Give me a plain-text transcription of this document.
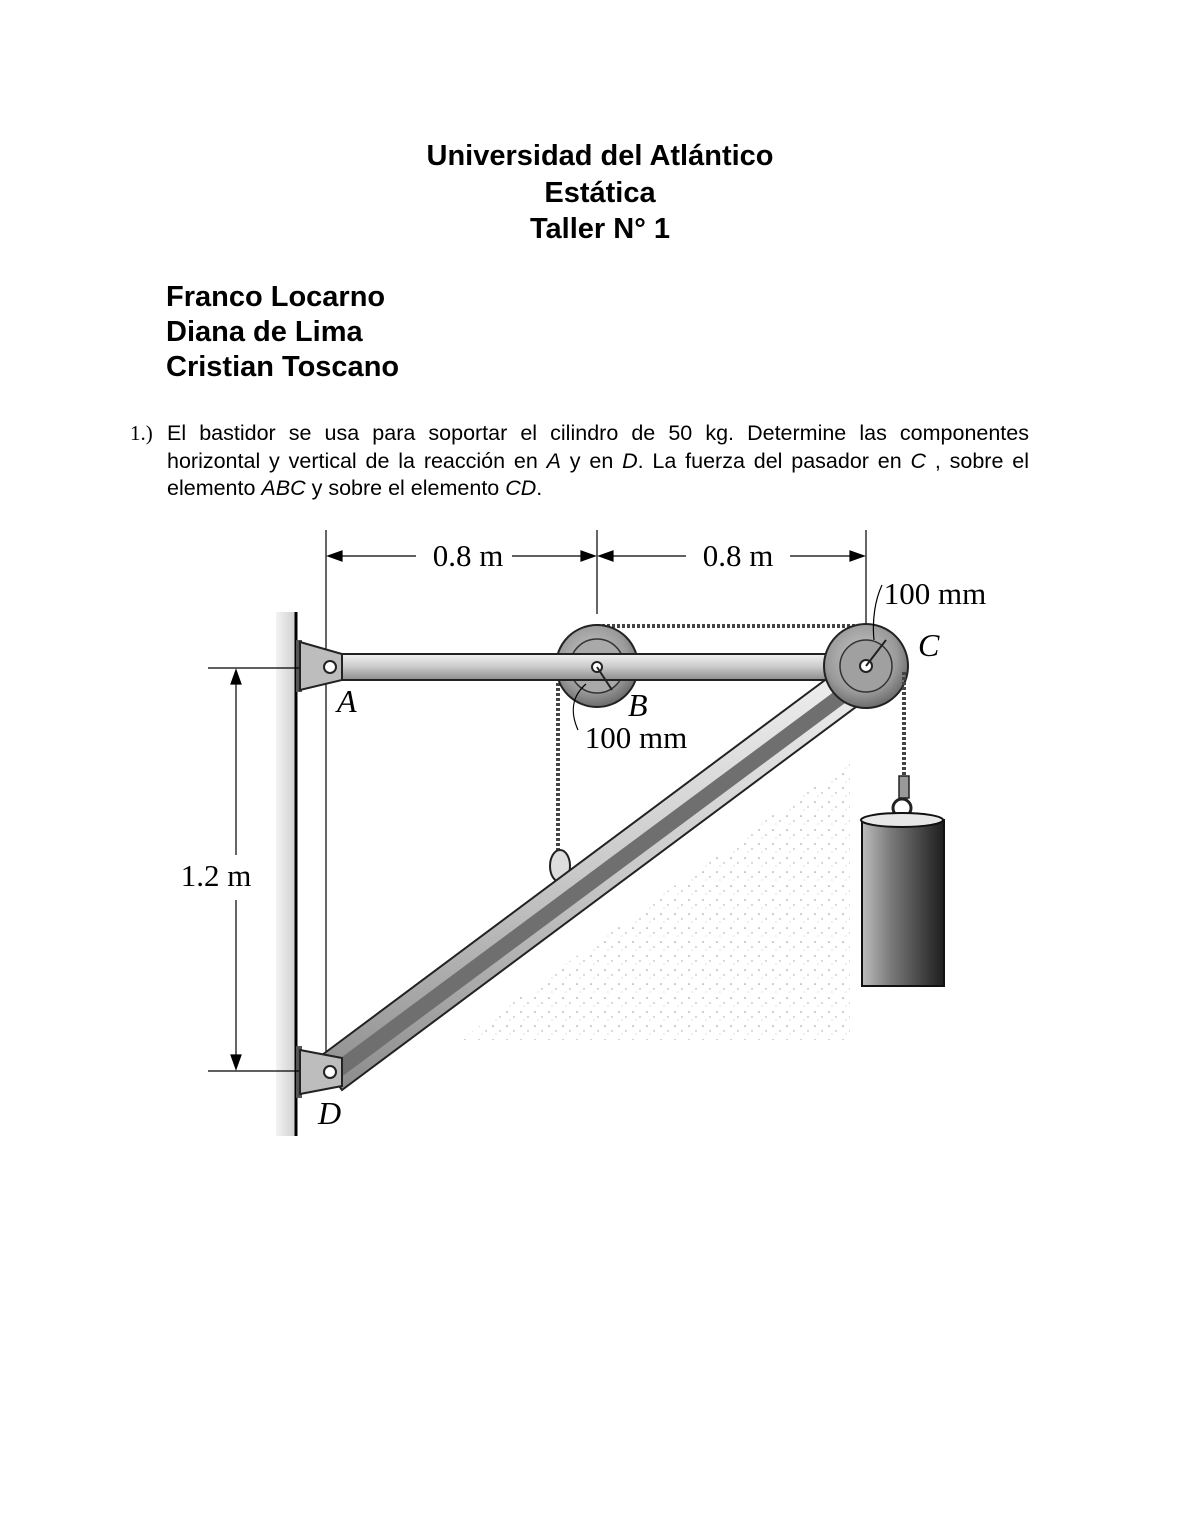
Universidad del Atlántico
Estática
Taller N° 1
Franco Locarno
Diana de Lima
Cristian Toscano
1.) El bastidor se usa para soportar el cilindro de 50 kg. Determine las componentes horizontal y vertical de la reacción en A y en D. La fuerza del pasador en C , sobre el elemento ABC y sobre el elemento CD.
0.8 m	0.8 m
1.2 m
100 mm
100 mm
A	B
C
D
